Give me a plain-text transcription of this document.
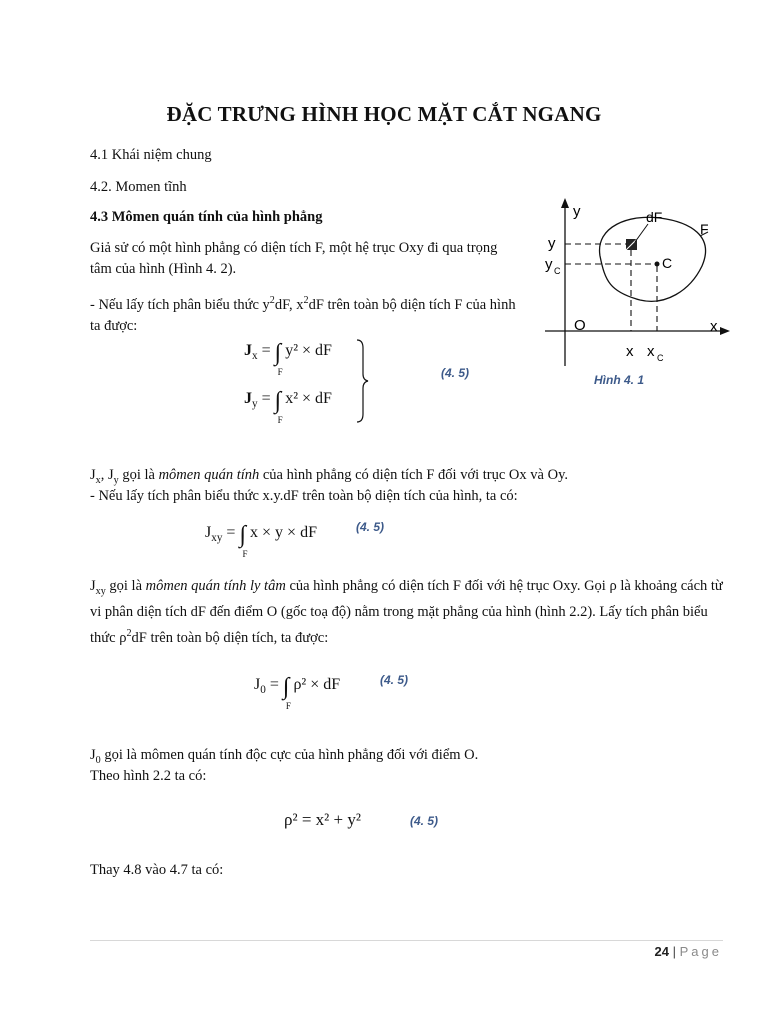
ĐẶC TRƯNG HÌNH HỌC MẶT CẮT NGANG
4.1 Khái niệm chung
4.2. Momen tĩnh
4.3 Mômen quán tính của hình phẳng
Giả sử có một hình phẳng có diện tích F, một hệ trục Oxy đi qua trọng tâm của hình (Hình 4. 2).
- Nếu lấy tích phân biểu thức $y^2dF$, $x^2dF$ trên toàn bộ diện tích F của hình ta được:
$J_x$ = ∫
F
y² × dF
$J_y$ = ∫
F
x² × dF
(4. 5)
y
x
O
dF
F
C
y
y C
x x C
Hình 4. 1
$J_x$, $J_y$ gọi là mômen quán tính của hình phẳng có diện tích F đối với trục Ox và Oy.
- Nếu lấy tích phân biểu thức x.y.dF trên toàn bộ diện tích của hình, ta có:
$J_{xy}$ = ∫
F
x × y × dF	(4. 5)
$J_{xy}$ gọi là mômen quán tính ly tâm của hình phẳng có diện tích F đối với hệ trục Oxy. Gọi ρ là khoảng cách từ vi phân diện tích dF đến điểm O (gốc toạ độ) nằm trong mặt phẳng của hình (hình 2.2). Lấy tích phân biểu thức $\rho^2dF$ trên toàn bộ diện tích, ta được:
$J_0$ = ∫
F
ρ² × dF	(4. 5)
$J_0$ gọi là mômen quán tính độc cực của hình phẳng đối với điểm O.
Theo hình 2.2 ta có:
ρ² = x² + y²	(4. 5)
Thay 4.8 vào 4.7 ta có:
24 | Page
